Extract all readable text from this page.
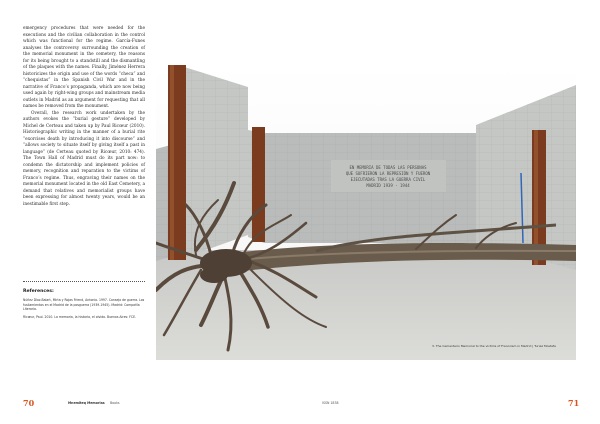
emergency procedures that were needed for the executions and the civilian collaboration in the control which was functional for the regime. García-Funes analyses the controversy surrounding the creation of the memorial monument in the cemetery, the reasons for its being brought to a standstill and the dismantling of the plaques with the names. Finally, Jiménez Herrera historicizes the origin and use of the words “checa” and “chequistas” in the Spanish Civil War and in the narrative of Franco’s propaganda, which are now being used again by right-wing groups and mainstream media outlets in Madrid as an argument for requesting that all names be removed from the monument.

Overall, the research work undertaken by the authors evokes the “burial gesture” developed by Michel de Certeau and taken up by Paul Ricœur (2010). Historiographic writing in the manner of a burial rite “exorcises death by introducing it into discourse” and “allows society to situate itself by giving itself a past in language” (de Certeau quoted by Ricœur, 2010: 474). The Town Hall of Madrid must do its part now: to condemn the dictatorship and implement policies of memory, recognition and reparation to the victims of Franco’s regime. Thus, engraving their names on the memorial monument located in the old East Cemetery, a demand that relatives and memorialist groups have been expressing for almost twenty years, would be an inestimable first step.

References:

Núñez Díaz-Balart, Mirta y Rojas Friend, Antonio. 1997. Consejo de guerra. Los fusilamientos en el Madrid de la posguerra (1939-1945). Madrid: Compañía Literaria.

Ricœur, Paul. 2010. La memoria, la historia, el olvido. Buenos Aires: FCE.

EN MEMORIA DE TODAS LAS PERSONAS
QUE SUFRIERON LA REPRESIÓN Y FUERON
EJECUTADAS TRAS LA GUERRA CIVIL
MADRID 1939 - 1944
3. The Cementerio Memorial to the victims of Francoism in Madrid | Turiaz Mostafa
70	Mnemiteq Memorias Books	ISSN 1838	71
